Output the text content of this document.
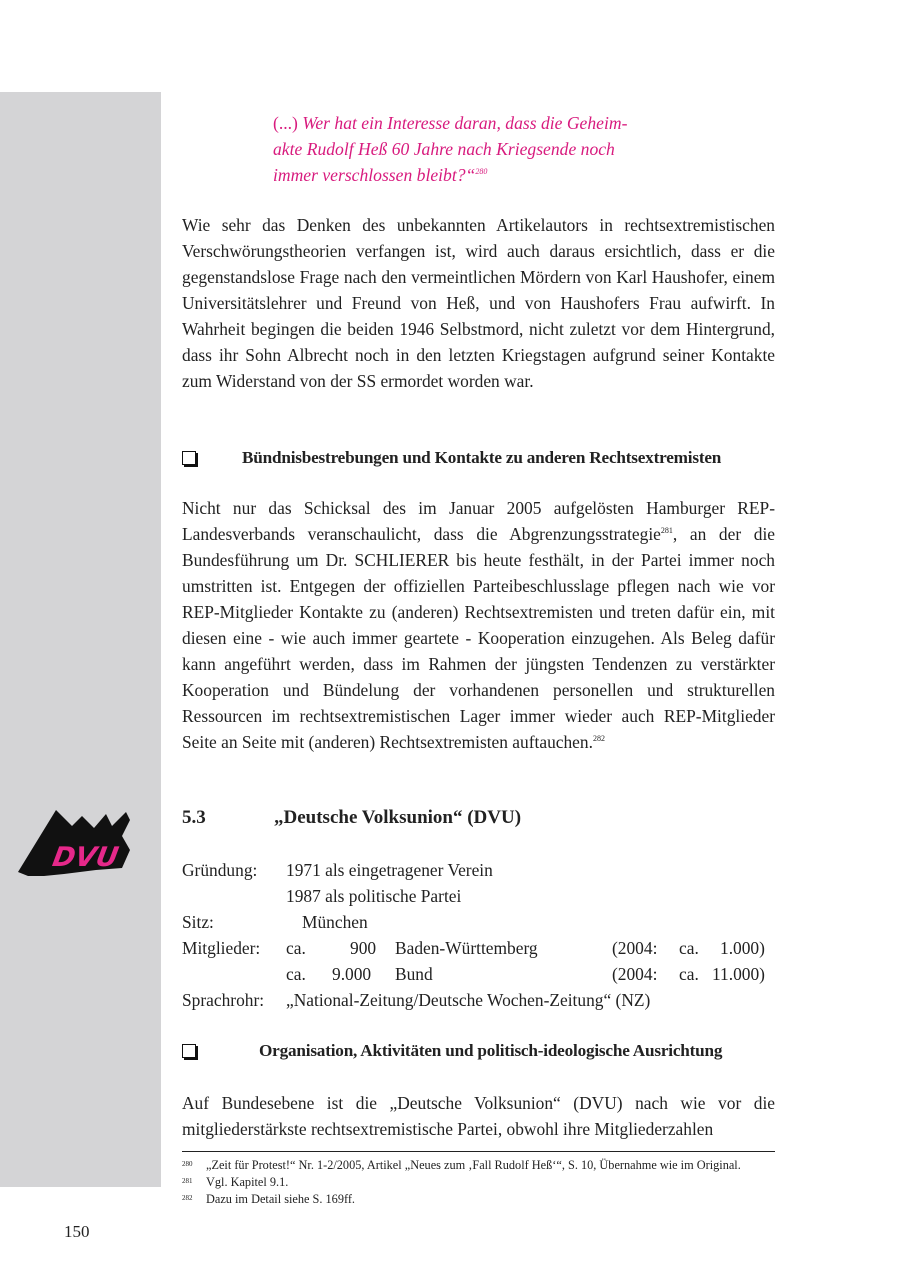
DVU

(...) Wer hat ein Interesse daran, dass die Geheim-
akte Rudolf Heß 60 Jahre nach Kriegsende noch
immer verschlossen bleibt?“$^{280}$

Wie sehr das Denken des unbekannten Artikelautors in rechtsextremistischen Verschwörungstheorien verfangen ist, wird auch daraus ersichtlich, dass er die gegenstandslose Frage nach den vermeintlichen Mördern von Karl Haushofer, einem Universitätslehrer und Freund von Heß, und von Haushofers Frau aufwirft. In Wahrheit begingen die beiden 1946 Selbstmord, nicht zuletzt vor dem Hintergrund, dass ihr Sohn Albrecht noch in den letzten Kriegstagen aufgrund seiner Kontakte zum Widerstand von der SS ermordet worden war.

Bündnisbestrebungen und Kontakte zu anderen Rechtsextremisten

Nicht nur das Schicksal des im Januar 2005 aufgelösten Hamburger REP-Landesverbands veranschaulicht, dass die Abgrenzungsstrategie$^{281}$, an der die Bundesführung um Dr. SCHLIERER bis heute festhält, in der Partei immer noch umstritten ist. Entgegen der offiziellen Parteibeschlusslage pflegen nach wie vor REP-Mitglieder Kontakte zu (anderen) Rechtsextremisten und treten dafür ein, mit diesen eine - wie auch immer geartete - Kooperation einzugehen. Als Beleg dafür kann angeführt werden, dass im Rahmen der jüngsten Tendenzen zu verstärkter Kooperation und Bündelung der vorhandenen personellen und strukturellen Ressourcen im rechtsextremistischen Lager immer wieder auch REP-Mitglieder Seite an Seite mit (anderen) Rechtsextremisten auftauchen.$^{282}$

5.3	„Deutsche Volksunion“ (DVU)
Gründung: 1971 als eingetragener Verein
1987 als politische Partei
Sitz:	München
Mitglieder: ca.	900 Baden-Württemberg	(2004: ca. 1.000)
ca. 9.000 Bund	(2004: ca. 11.000)
Sprachrohr: „National-Zeitung/Deutsche Wochen-Zeitung“ (NZ)
Organisation, Aktivitäten und politisch-ideologische Ausrichtung

Auf Bundesebene ist die „Deutsche Volksunion“ (DVU) nach wie vor die mitgliederstärkste rechtsextremistische Partei, obwohl ihre Mitgliederzahlen

280 „Zeit für Protest!“ Nr. 1-2/2005, Artikel „Neues zum ‚Fall Rudolf Heß‘“, S. 10, Übernahme wie im Original.
281 Vgl. Kapitel 9.1.
282 Dazu im Detail siehe S. 169ff.
150
